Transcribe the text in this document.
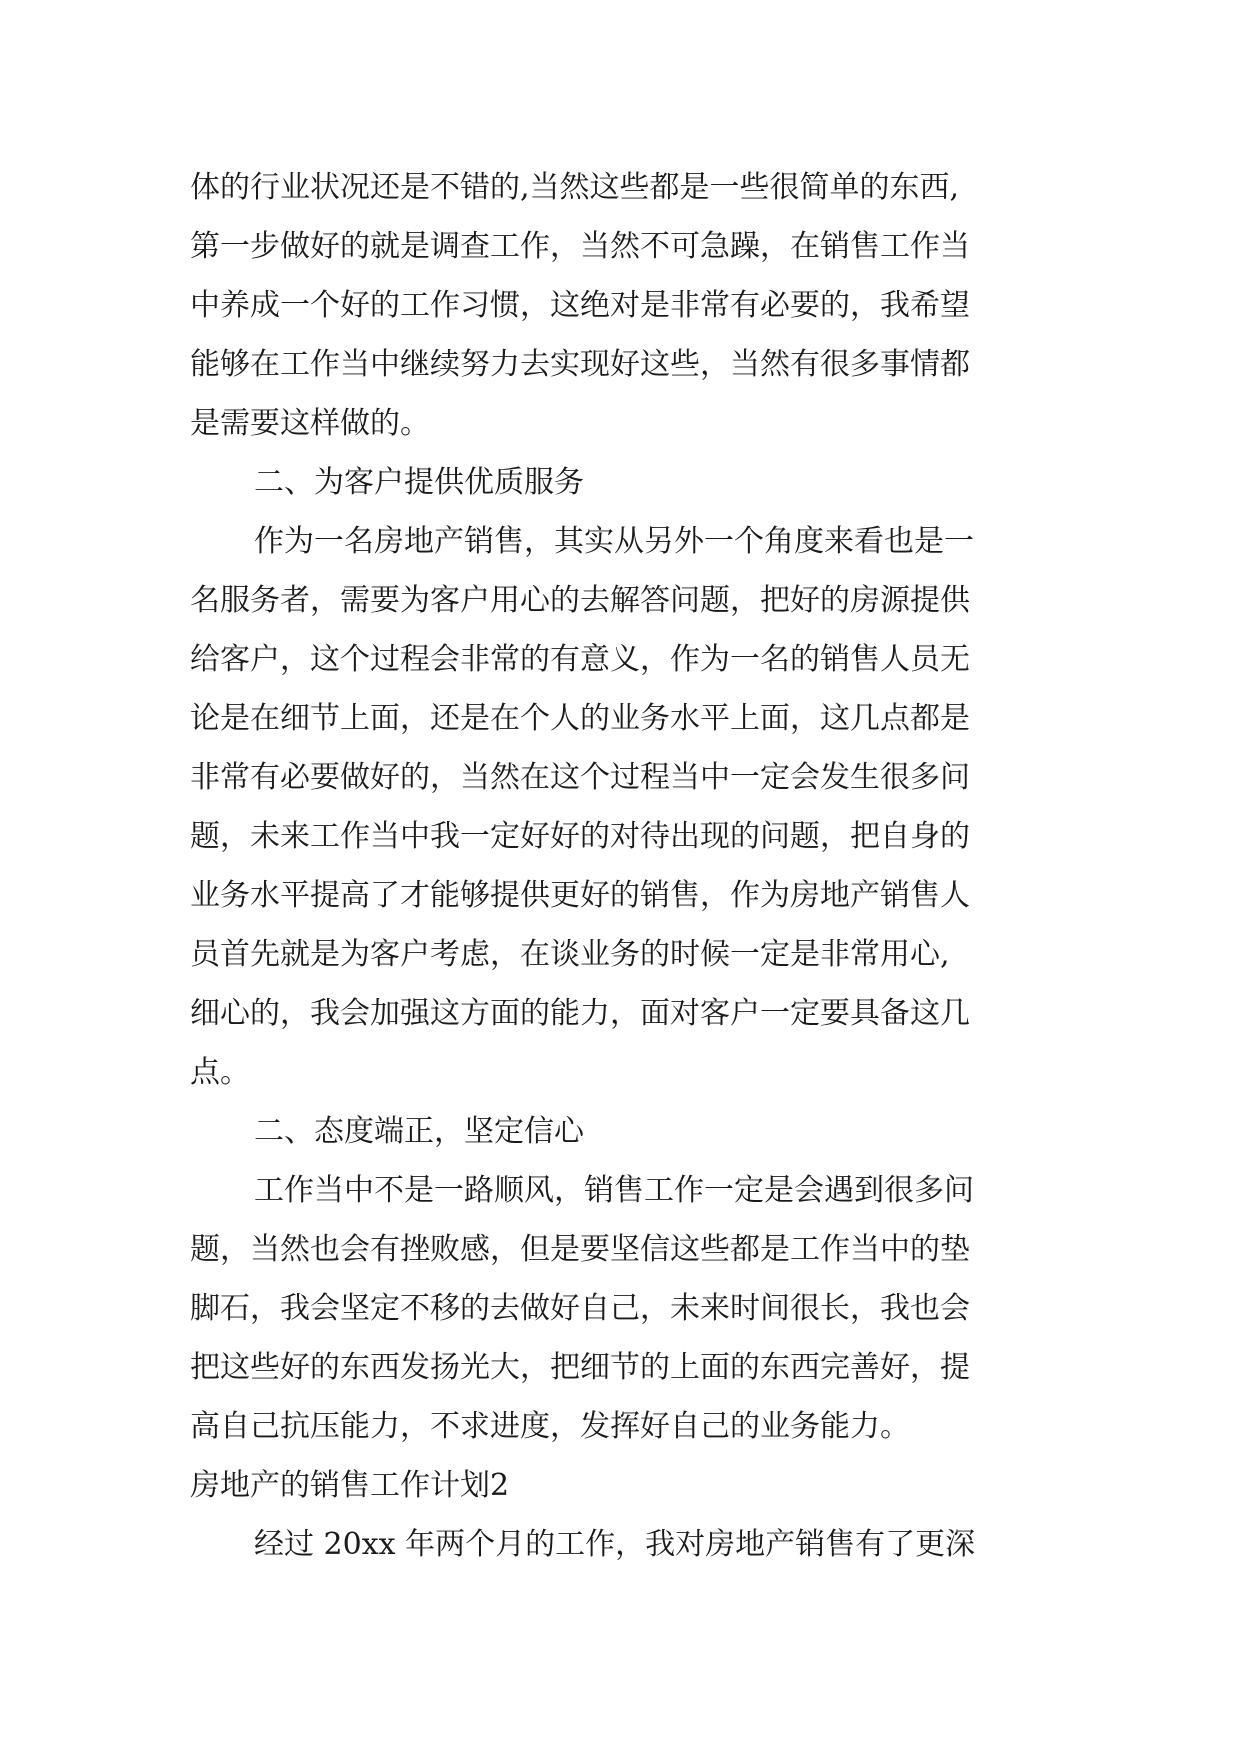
体的行业状况还是不错的,当然这些都是一些很简单的东西,
第一步做好的就是调查工作，当然不可急躁，在销售工作当
中养成一个好的工作习惯，这绝对是非常有必要的，我希望
能够在工作当中继续努力去实现好这些，当然有很多事情都
是需要这样做的。
二、为客户提供优质服务
作为一名房地产销售，其实从另外一个角度来看也是一
名服务者，需要为客户用心的去解答问题，把好的房源提供
给客户，这个过程会非常的有意义，作为一名的销售人员无
论是在细节上面，还是在个人的业务水平上面，这几点都是
非常有必要做好的，当然在这个过程当中一定会发生很多问
题，未来工作当中我一定好好的对待出现的问题，把自身的
业务水平提高了才能够提供更好的销售，作为房地产销售人
员首先就是为客户考虑，在谈业务的时候一定是非常用心,
细心的，我会加强这方面的能力，面对客户一定要具备这几
点。
二、态度端正，坚定信心
工作当中不是一路顺风，销售工作一定是会遇到很多问
题，当然也会有挫败感，但是要坚信这些都是工作当中的垫
脚石，我会坚定不移的去做好自己，未来时间很长，我也会
把这些好的东西发扬光大，把细节的上面的东西完善好，提
高自己抗压能力，不求进度，发挥好自己的业务能力。
房地产的销售工作计划2
经过 20xx 年两个月的工作，我对房地产销售有了更深
